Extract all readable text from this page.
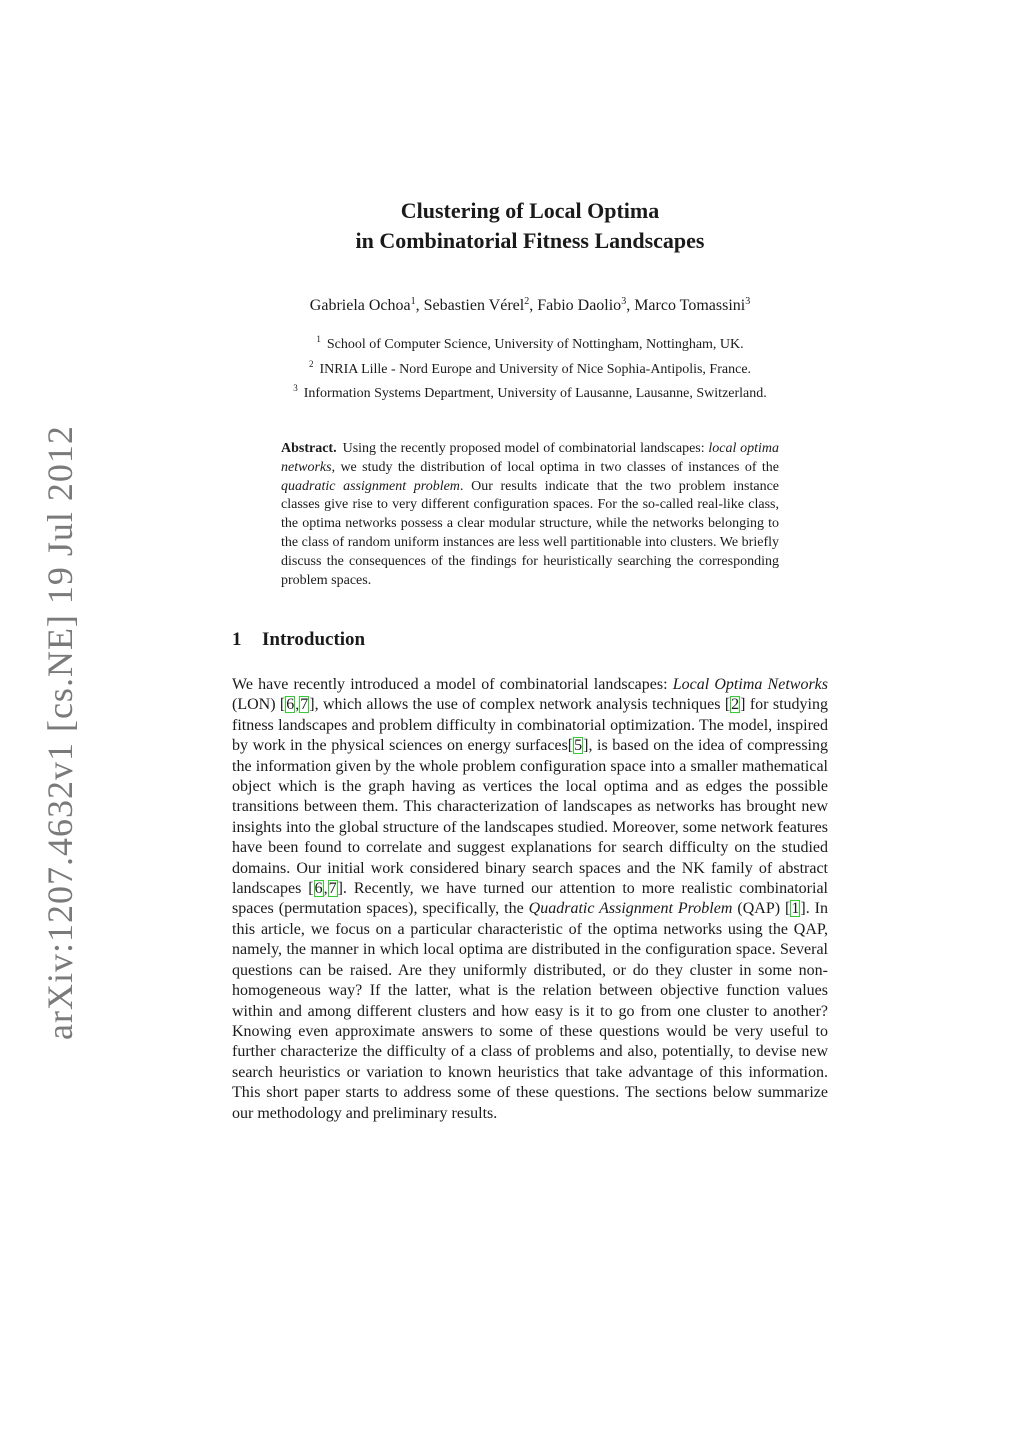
arXiv:1207.4632v1 [cs.NE] 19 Jul 2012
Clustering of Local Optima
in Combinatorial Fitness Landscapes
Gabriela Ochoa$^1$, Sebastien Vérel$^2$, Fabio Daolio$^3$, Marco Tomassini$^3$
$^1$ School of Computer Science, University of Nottingham, Nottingham, UK.
$^2$ INRIA Lille - Nord Europe and University of Nice Sophia-Antipolis, France.
$^3$ Information Systems Department, University of Lausanne, Lausanne, Switzerland.
Abstract. Using the recently proposed model of combinatorial landscapes: local optima networks, we study the distribution of local optima in two classes of instances of the quadratic assignment problem. Our results indicate that the two problem instance classes give rise to very different configuration spaces. For the so-called real-like class, the optima networks possess a clear modular structure, while the networks belonging to the class of random uniform instances are less well partitionable into clusters. We briefly discuss the consequences of the findings for heuristically searching the corresponding problem spaces.
1 Introduction
We have recently introduced a model of combinatorial landscapes: Local Optima Networks (LON) [6,7], which allows the use of complex network analysis techniques [2] for studying fitness landscapes and problem difficulty in combinatorial optimization. The model, inspired by work in the physical sciences on energy surfaces[5], is based on the idea of compressing the information given by the whole problem configuration space into a smaller mathematical object which is the graph having as vertices the local optima and as edges the possible transitions between them. This characterization of landscapes as networks has brought new insights into the global structure of the landscapes studied. Moreover, some network features have been found to correlate and suggest explanations for search difficulty on the studied domains. Our initial work considered binary search spaces and the NK family of abstract landscapes [6,7]. Recently, we have turned our attention to more realistic combinatorial spaces (permutation spaces), specifically, the Quadratic Assignment Problem (QAP) [1]. In this article, we focus on a particular characteristic of the optima networks using the QAP, namely, the manner in which local optima are distributed in the configuration space. Several questions can be raised. Are they uniformly distributed, or do they cluster in some non-homogeneous way? If the latter, what is the relation between objective function values within and among different clusters and how easy is it to go from one cluster to another? Knowing even approximate answers to some of these questions would be very useful to further characterize the difficulty of a class of problems and also, potentially, to devise new search heuristics or variation to known heuristics that take advantage of this information. This short paper starts to address some of these questions. The sections below summarize our methodology and preliminary results.
